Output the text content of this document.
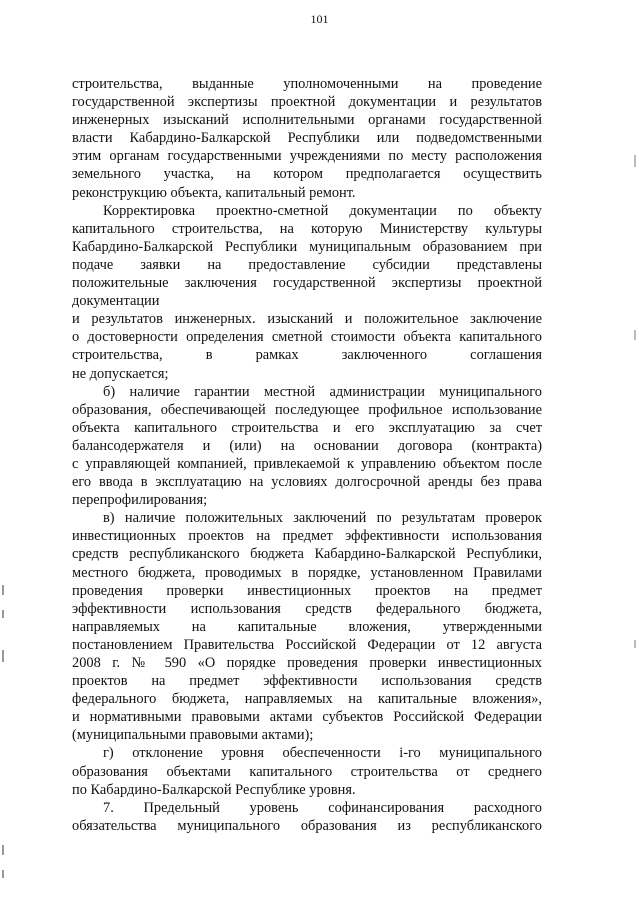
101
строительства, выданные уполномоченными на проведение
государственной экспертизы проектной документации и результатов
инженерных изысканий исполнительными органами государственной
власти Кабардино-Балкарской Республики или подведомственными
этим органам государственными учреждениями по месту расположения
земельного участка, на котором предполагается осуществить
реконструкцию объекта, капитальный ремонт.
Корректировка проектно-сметной документации по объекту
капитального строительства, на которую Министерству культуры
Кабардино-Балкарской Республики муниципальным образованием при
подаче заявки на предоставление субсидии представлены
положительные заключения государственной экспертизы проектной
документации
и результатов инженерных. изысканий и положительное заключение
о достоверности определения сметной стоимости объекта капитального
строительства, в рамках заключенного соглашения
не допускается;
б) наличие гарантии местной администрации муниципального
образования, обеспечивающей последующее профильное использование
объекта капитального строительства и его эксплуатацию за счет
балансодержателя и (или) на основании договора (контракта)
с управляющей компанией, привлекаемой к управлению объектом после
его ввода в эксплуатацию на условиях долгосрочной аренды без права
перепрофилирования;
в) наличие положительных заключений по результатам проверок
инвестиционных проектов на предмет эффективности использования
средств республиканского бюджета Кабардино-Балкарской Республики,
местного бюджета, проводимых в порядке, установленном Правилами
проведения проверки инвестиционных проектов на предмет
эффективности использования средств федерального бюджета,
направляемых на капитальные вложения, утвержденными
постановлением Правительства Российской Федерации от 12 августа
2008 г. № 590 «О порядке проведения проверки инвестиционных
проектов на предмет эффективности использования средств
федерального бюджета, направляемых на капитальные вложения»,
и нормативными правовыми актами субъектов Российской Федерации
(муниципальными правовыми актами);
г) отклонение уровня обеспеченности i-го муниципального
образования объектами капитального строительства от среднего
по Кабардино-Балкарской Республике уровня.
7. Предельный уровень софинансирования расходного
обязательства муниципального образования из республиканского
